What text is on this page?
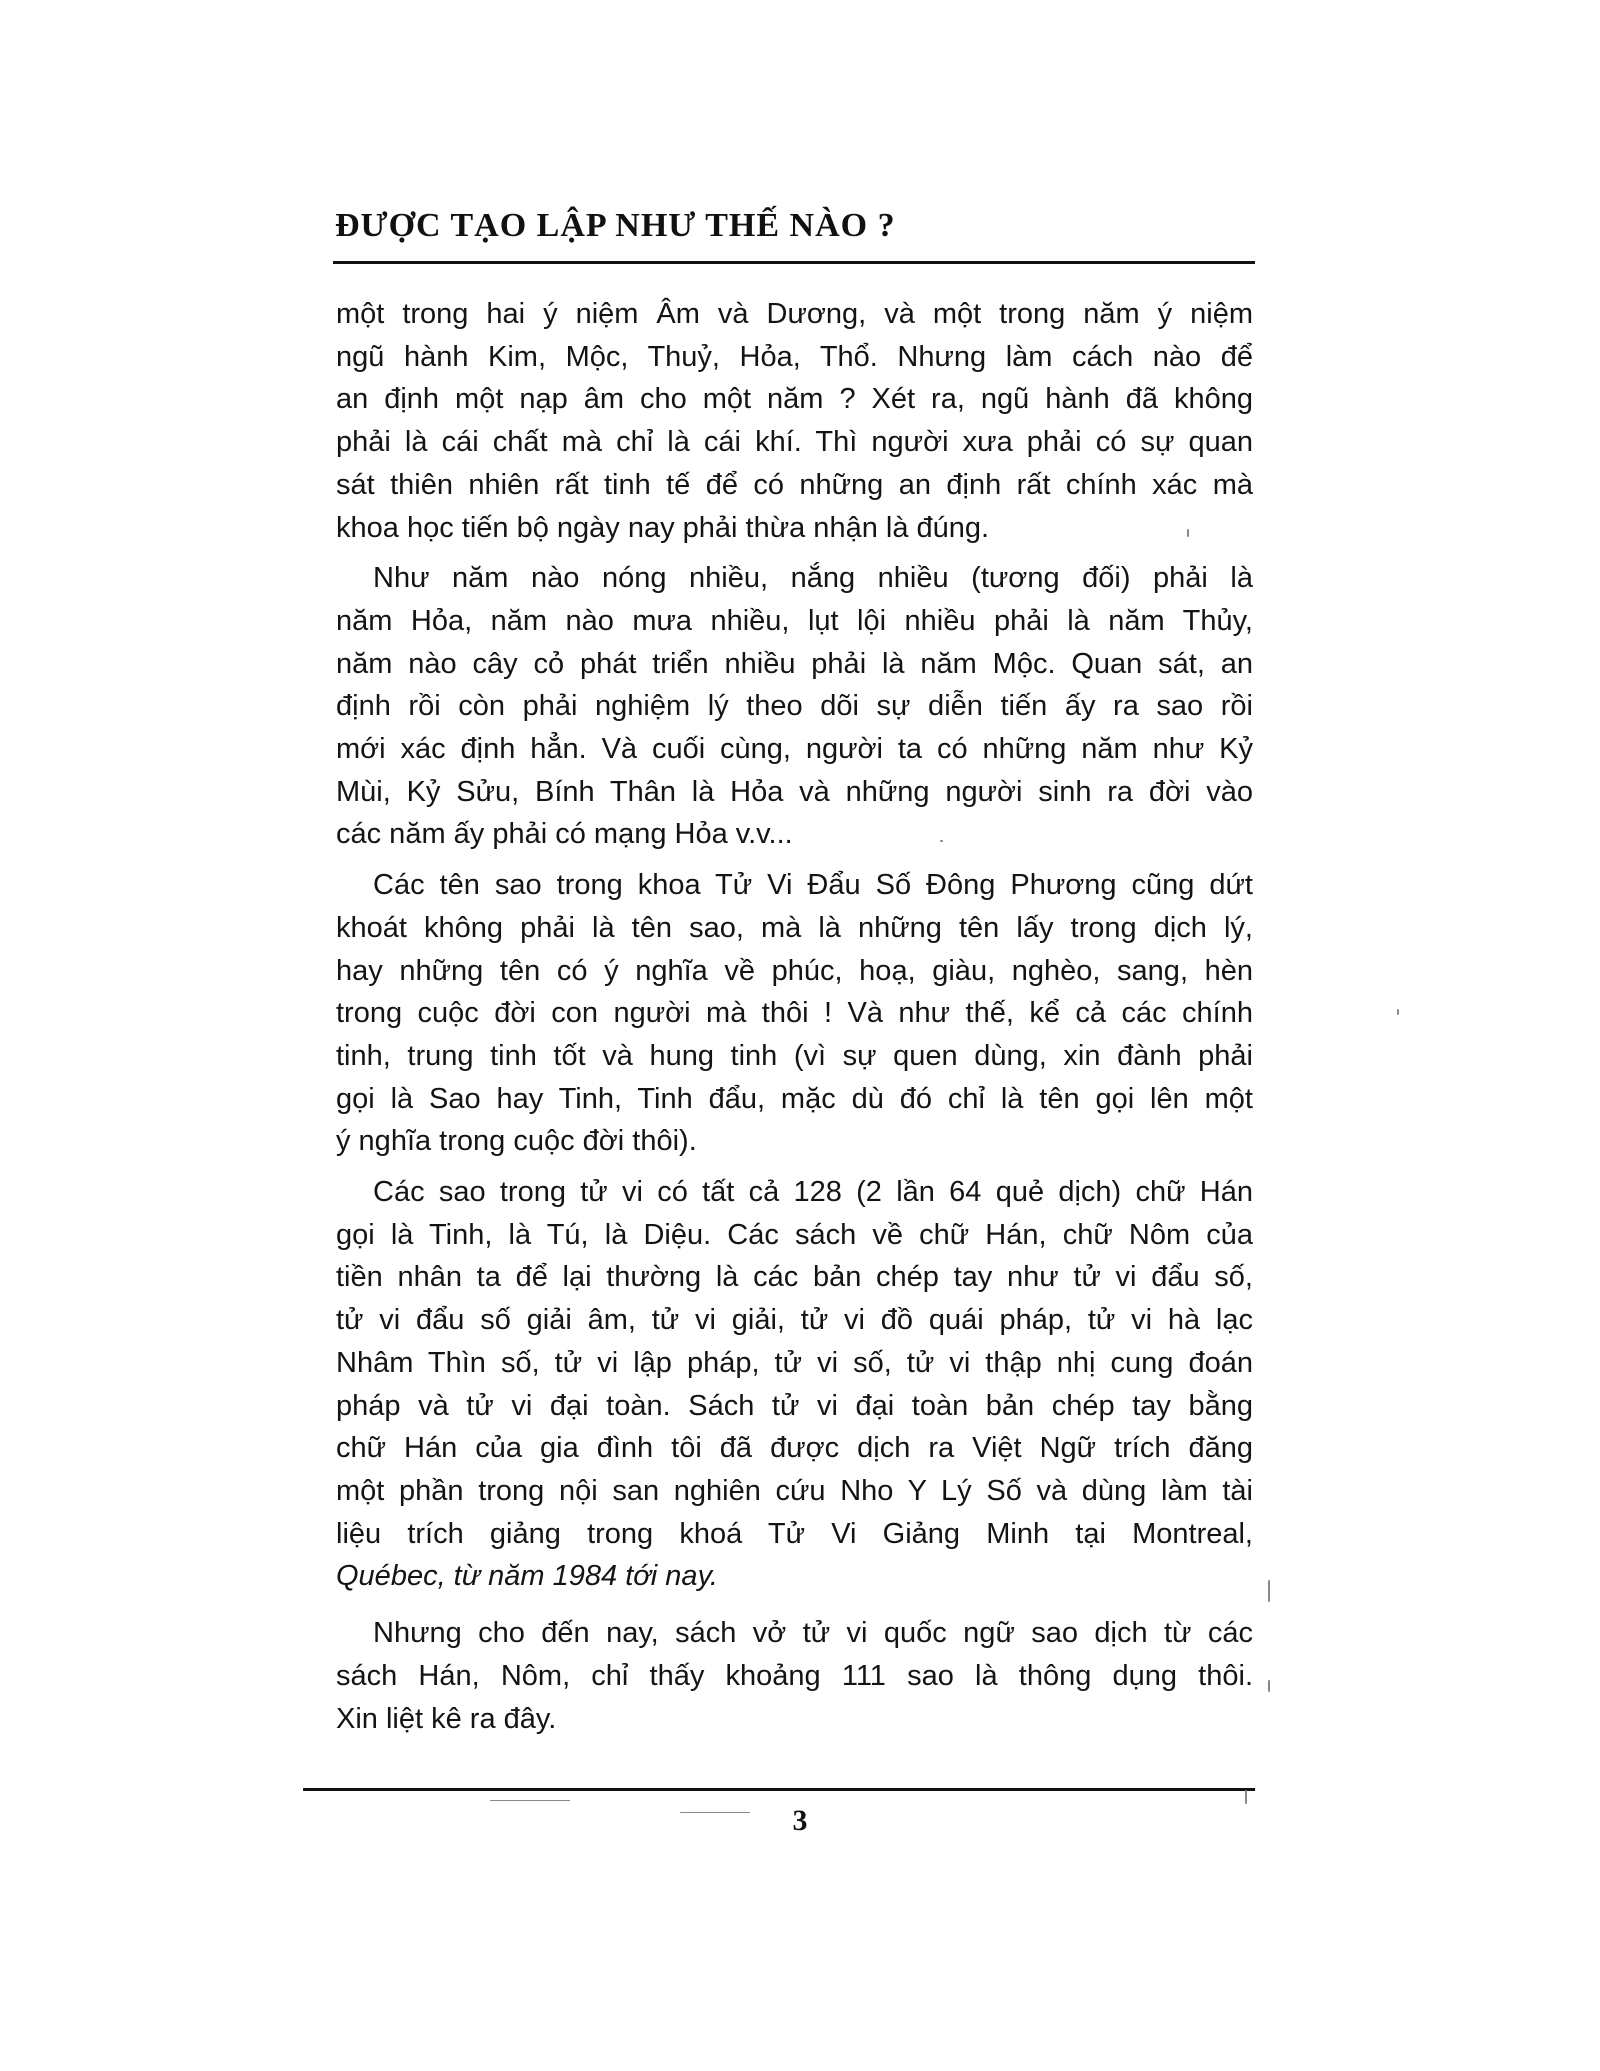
ĐƯỢC TẠO LẬP NHƯ THẾ NÀO ?

một trong hai ý niệm Âm và Dương, và một trong năm ý niệm
ngũ hành Kim, Mộc, Thuỷ, Hỏa, Thổ. Nhưng làm cách nào để
an định một nạp âm cho một năm ? Xét ra, ngũ hành đã không
phải là cái chất mà chỉ là cái khí. Thì người xưa phải có sự quan
sát thiên nhiên rất tinh tế để có những an định rất chính xác mà
khoa học tiến bộ ngày nay phải thừa nhận là đúng.

Như năm nào nóng nhiều, nắng nhiều (tương đối) phải là
năm Hỏa, năm nào mưa nhiều, lụt lội nhiều phải là năm Thủy,
năm nào cây cỏ phát triển nhiều phải là năm Mộc. Quan sát, an
định rồi còn phải nghiệm lý theo dõi sự diễn tiến ấy ra sao rồi
mới xác định hẳn. Và cuối cùng, người ta có những năm như Kỷ
Mùi, Kỷ Sửu, Bính Thân là Hỏa và những người sinh ra đời vào
các năm ấy phải có mạng Hỏa v.v...

Các tên sao trong khoa Tử Vi Đẩu Số Đông Phương cũng dứt
khoát không phải là tên sao, mà là những tên lấy trong dịch lý,
hay những tên có ý nghĩa về phúc, hoạ, giàu, nghèo, sang, hèn
trong cuộc đời con người mà thôi ! Và như thế, kể cả các chính
tinh, trung tinh tốt và hung tinh (vì sự quen dùng, xin đành phải
gọi là Sao hay Tinh, Tinh đẩu, mặc dù đó chỉ là tên gọi lên một
ý nghĩa trong cuộc đời thôi).

Các sao trong tử vi có tất cả 128 (2 lần 64 quẻ dịch) chữ Hán
gọi là Tinh, là Tú, là Diệu. Các sách về chữ Hán, chữ Nôm của
tiền nhân ta để lại thường là các bản chép tay như tử vi đẩu số,
tử vi đẩu số giải âm, tử vi giải, tử vi đồ quái pháp, tử vi hà lạc
Nhâm Thìn số, tử vi lập pháp, tử vi số, tử vi thập nhị cung đoán
pháp và tử vi đại toàn. Sách tử vi đại toàn bản chép tay bằng
chữ Hán của gia đình tôi đã được dịch ra Việt Ngữ trích đăng
một phần trong nội san nghiên cứu Nho Y Lý Số và dùng làm tài
liệu trích giảng trong khoá Tử Vi Giảng Minh tại Montreal,
Québec, từ năm 1984 tới nay.

Nhưng cho đến nay, sách vở tử vi quốc ngữ sao dịch từ các
sách Hán, Nôm, chỉ thấy khoảng 111 sao là thông dụng thôi.
Xin liệt kê ra đây.

3
